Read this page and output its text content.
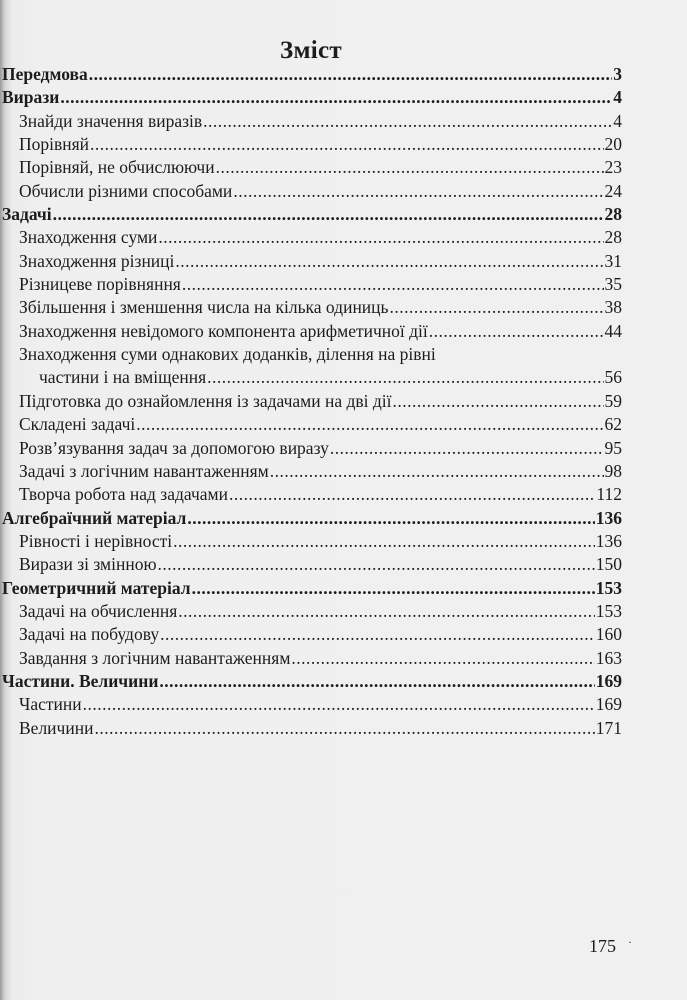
Зміст
Передмова .....	3
Вирази .....	4
Знайди значення виразів .....	4
Порівняй .....	20
Порівняй, не обчислюючи .....	23
Обчисли різними способами .....	24
Задачі .....	28
Знаходження суми .....	28
Знаходження різниці .....	31
Різницеве порівняння .....	35
Збільшення і зменшення числа на кілька одиниць .....	38
Знаходження невідомого компонента арифметичної дії .....	44
Знаходження суми однакових доданків, ділення на рівні
частини і на вміщення .....	56
Підготовка до ознайомлення із задачами на дві дії .....	59
Складені задачі .....	62
Розв’язування задач за допомогою виразу .....	95
Задачі з логічним навантаженням .....	98
Творча робота над задачами .....	112
Алгебраїчний матеріал .....	136
Рівності і нерівності .....	136
Вирази зі змінною .....	150
Геометричний матеріал .....	153
Задачі на обчислення .....	153
Задачі на побудову .....	160
Завдання з логічним навантаженням .....	163
Частини. Величини .....	169
Частини .....	169
Величини .....	171
175 ·
